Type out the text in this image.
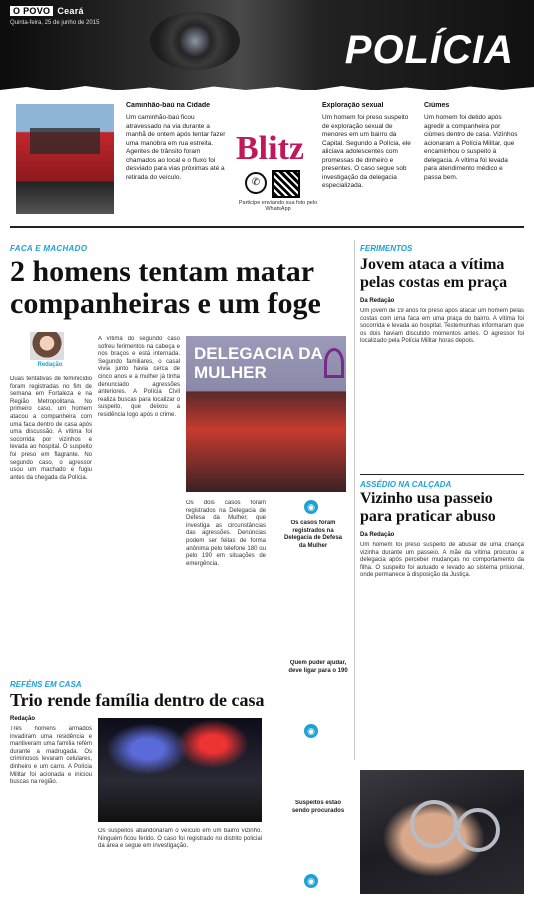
O POVO Ceará
Quinta-feira, 25 de junho de 2015
POLÍCIA
Caminhão-baú na Cidade
Um caminhão-baú ficou atravessado na via durante a manhã de ontem após tentar fazer uma manobra em rua estreita. Agentes de trânsito foram chamados ao local e o fluxo foi desviado para vias próximas até a retirada do veículo.
Blitz
✆
Participe enviando sua foto pelo WhatsApp
Exploração sexual
Um homem foi preso suspeito de exploração sexual de menores em um bairro da Capital. Segundo a Polícia, ele aliciava adolescentes com promessas de dinheiro e presentes. O caso segue sob investigação da delegacia especializada.
Ciúmes
Um homem foi detido após agredir a companheira por ciúmes dentro de casa. Vizinhos acionaram a Polícia Militar, que encaminhou o suspeito à delegacia. A vítima foi levada para atendimento médico e passa bem.
FACA E MACHADO
2 homens tentam matar companheiras e um foge
Redação
Duas tentativas de feminicídio foram registradas no fim de semana em Fortaleza e na Região Metropolitana. No primeiro caso, um homem atacou a companheira com uma faca dentro de casa após uma discussão. A vítima foi socorrida por vizinhos e levada ao hospital. O suspeito foi preso em flagrante. No segundo caso, o agressor usou um machado e fugiu antes da chegada da Polícia.
A vítima do segundo caso sofreu ferimentos na cabeça e nos braços e está internada. Segundo familiares, o casal vivia junto havia cerca de cinco anos e a mulher já tinha denunciado agressões anteriores. A Polícia Civil realiza buscas para localizar o suspeito, que deixou a residência logo após o crime.
DELEGACIA DA MULHER
Os dois casos foram registrados na Delegacia de Defesa da Mulher, que investiga as circunstâncias das agressões. Denúncias podem ser feitas de forma anônima pelo telefone 180 ou pelo 190 em situações de emergência.
◉
Os casos foram registrados na Delegacia de Defesa da Mulher
REFÉNS EM CASA
Trio rende família dentro de casa
Redação
Três homens armados invadiram uma residência e mantiveram uma família refém durante a madrugada. Os criminosos levaram celulares, dinheiro e um carro. A Polícia Militar foi acionada e iniciou buscas na região.
Os suspeitos abandonaram o veículo em um bairro vizinho. Ninguém ficou ferido. O caso foi registrado no distrito policial da área e segue em investigação.
Quem puder ajudar, deve ligar para o 190
◉
Suspeitos estão sendo procurados
◉
FERIMENTOS
Jovem ataca a vítima pelas costas em praça
Da Redação
Um jovem de 19 anos foi preso após atacar um homem pelas costas com uma faca em uma praça do bairro. A vítima foi socorrida e levada ao hospital. Testemunhas informaram que os dois haviam discutido momentos antes. O agressor foi localizado pela Polícia Militar horas depois.
ASSÉDIO NA CALÇADA
Vizinho usa passeio para praticar abuso
Da Redação
Um homem foi preso suspeito de abusar de uma criança vizinha durante um passeio. A mãe da vítima procurou a delegacia após perceber mudanças no comportamento da filha. O suspeito foi autuado e levado ao sistema prisional, onde permanece à disposição da Justiça.
